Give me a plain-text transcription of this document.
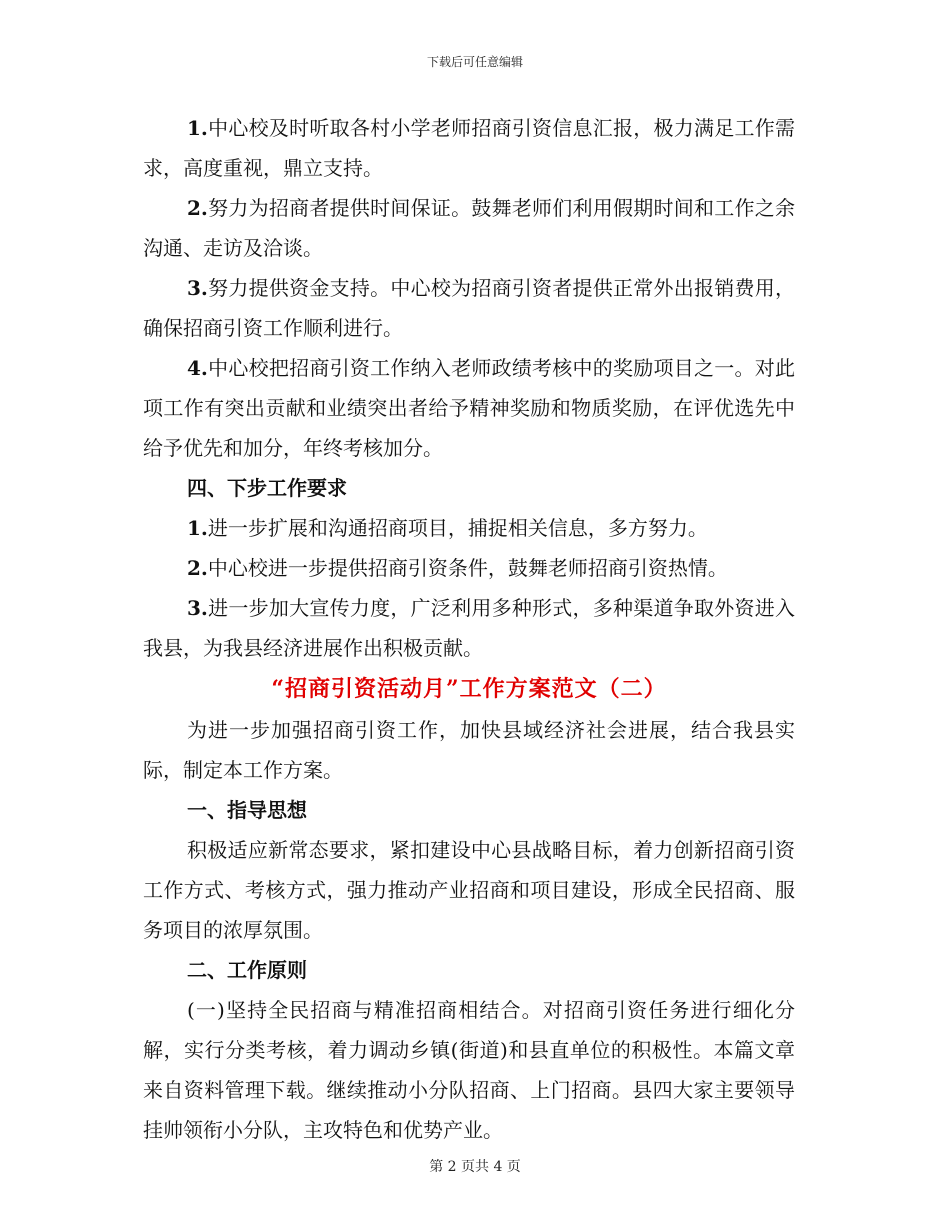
下载后可任意编辑

1.中心校及时听取各村小学老师招商引资信息汇报，极力满足工作需求，高度重视，鼎立支持。

2.努力为招商者提供时间保证。鼓舞老师们利用假期时间和工作之余沟通、走访及洽谈。

3.努力提供资金支持。中心校为招商引资者提供正常外出报销费用，确保招商引资工作顺利进行。

4.中心校把招商引资工作纳入老师政绩考核中的奖励项目之一。对此项工作有突出贡献和业绩突出者给予精神奖励和物质奖励，在评优选先中给予优先和加分，年终考核加分。

四、下步工作要求

1.进一步扩展和沟通招商项目，捕捉相关信息，多方努力。

2.中心校进一步提供招商引资条件，鼓舞老师招商引资热情。

3.进一步加大宣传力度，广泛利用多种形式，多种渠道争取外资进入我县，为我县经济进展作出积极贡献。

“招商引资活动月”工作方案范文（二）

为进一步加强招商引资工作，加快县域经济社会进展，结合我县实际，制定本工作方案。

一、指导思想

积极适应新常态要求，紧扣建设中心县战略目标，着力创新招商引资工作方式、考核方式，强力推动产业招商和项目建设，形成全民招商、服务项目的浓厚氛围。

二、工作原则

(一)坚持全民招商与精准招商相结合。对招商引资任务进行细化分解，实行分类考核，着力调动乡镇(街道)和县直单位的积极性。本篇文章来自资料管理下载。继续推动小分队招商、上门招商。县四大家主要领导挂帅领衔小分队，主攻特色和优势产业。

第 2 页共 4 页
